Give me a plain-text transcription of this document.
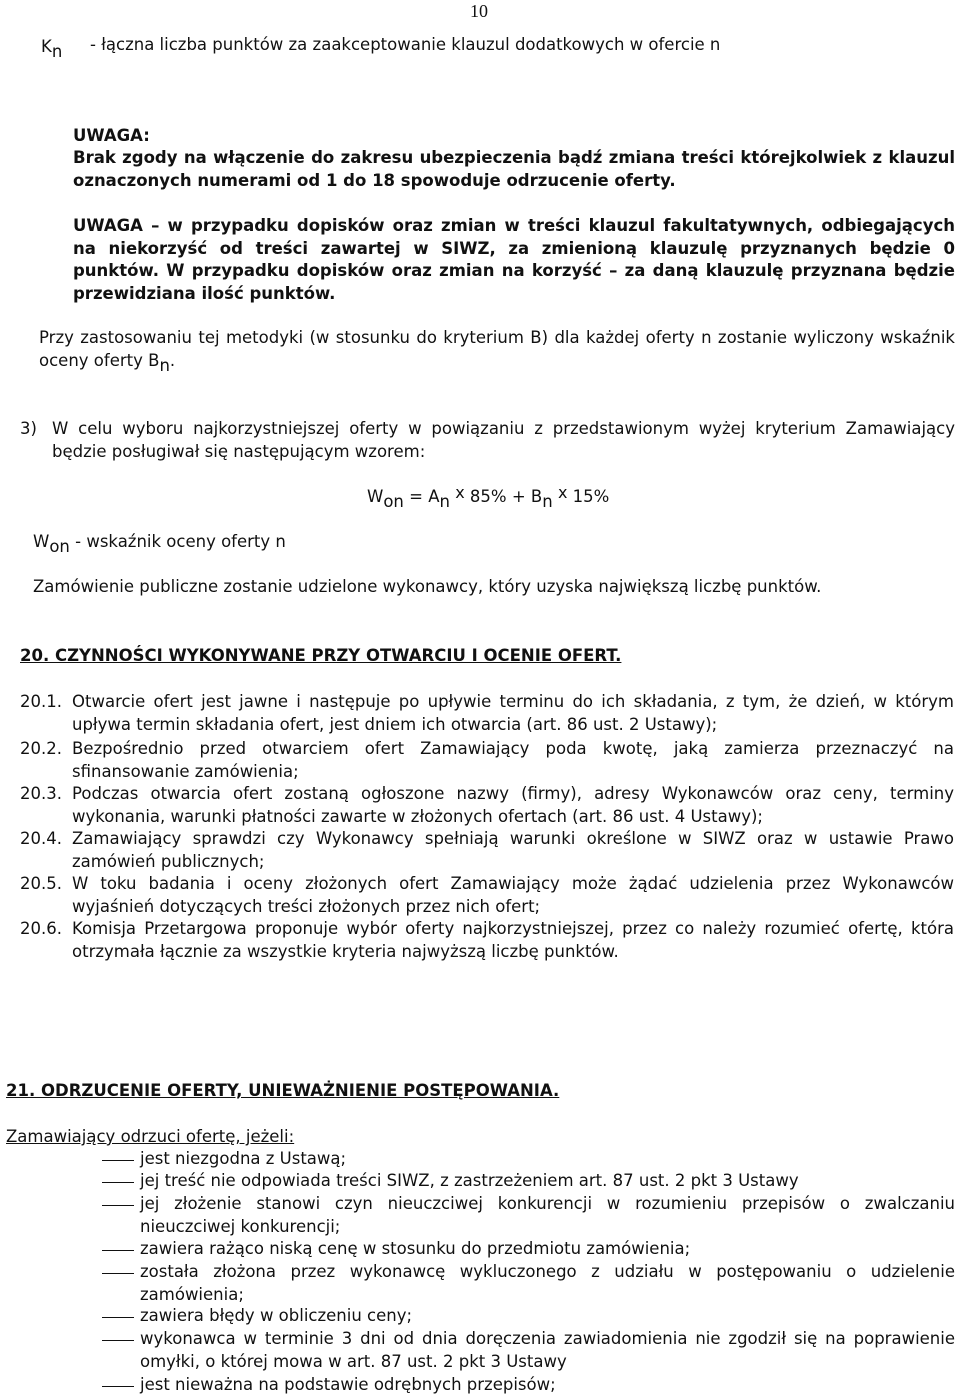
10
Kn - łączna liczba punktów za zaakceptowanie klauzul dodatkowych w ofercie n
UWAGA:
Brak zgody na włączenie do zakresu ubezpieczenia bądź zmiana treści którejkolwiek z klauzul oznaczonych numerami od 1 do 18 spowoduje odrzucenie oferty.
UWAGA – w przypadku dopisków oraz zmian w treści klauzul fakultatywnych, odbiegających na niekorzyść od treści zawartej w SIWZ, za zmienioną klauzulę przyznanych będzie 0 punktów. W przypadku dopisków oraz zmian na korzyść – za daną klauzulę przyznana będzie przewidziana ilość punktów.
Przy zastosowaniu tej metodyki (w stosunku do kryterium B) dla każdej oferty n zostanie wyliczony wskaźnik oceny oferty Bn.
3) W celu wyboru najkorzystniejszej oferty w powiązaniu z przedstawionym wyżej kryterium Zamawiający będzie posługiwał się następującym wzorem:
Won = An x 85% + Bn x 15%
Won - wskaźnik oceny oferty n
Zamówienie publiczne zostanie udzielone wykonawcy, który uzyska największą liczbę punktów.
20. CZYNNOŚCI WYKONYWANE PRZY OTWARCIU I OCENIE OFERT.
20.1. Otwarcie ofert jest jawne i następuje po upływie terminu do ich składania, z tym, że dzień, w którym upływa termin składania ofert, jest dniem ich otwarcia (art. 86 ust. 2 Ustawy);
20.2. Bezpośrednio przed otwarciem ofert Zamawiający poda kwotę, jaką zamierza przeznaczyć na sfinansowanie zamówienia;
20.3. Podczas otwarcia ofert zostaną ogłoszone nazwy (firmy), adresy Wykonawców oraz ceny, terminy wykonania, warunki płatności zawarte w złożonych ofertach (art. 86 ust. 4 Ustawy);
20.4. Zamawiający sprawdzi czy Wykonawcy spełniają warunki określone w SIWZ oraz w ustawie Prawo zamówień publicznych;
20.5. W toku badania i oceny złożonych ofert Zamawiający może żądać udzielenia przez Wykonawców wyjaśnień dotyczących treści złożonych przez nich ofert;
20.6. Komisja Przetargowa proponuje wybór oferty najkorzystniejszej, przez co należy rozumieć ofertę, która otrzymała łącznie za wszystkie kryteria najwyższą liczbę punktów.
21. ODRZUCENIE OFERTY, UNIEWAŻNIENIE POSTĘPOWANIA.
Zamawiający odrzuci ofertę, jeżeli:
jest niezgodna z Ustawą;
jej treść nie odpowiada treści SIWZ, z zastrzeżeniem art. 87 ust. 2 pkt 3 Ustawy
jej złożenie stanowi czyn nieuczciwej konkurencji w rozumieniu przepisów o zwalczaniu nieuczciwej konkurencji;
zawiera rażąco niską cenę w stosunku do przedmiotu zamówienia;
została złożona przez wykonawcę wykluczonego z udziału w postępowaniu o udzielenie zamówienia;
zawiera błędy w obliczeniu ceny;
wykonawca w terminie 3 dni od dnia doręczenia zawiadomienia nie zgodził się na poprawienie omyłki, o której mowa w art. 87 ust. 2 pkt 3 Ustawy
jest nieważna na podstawie odrębnych przepisów;
